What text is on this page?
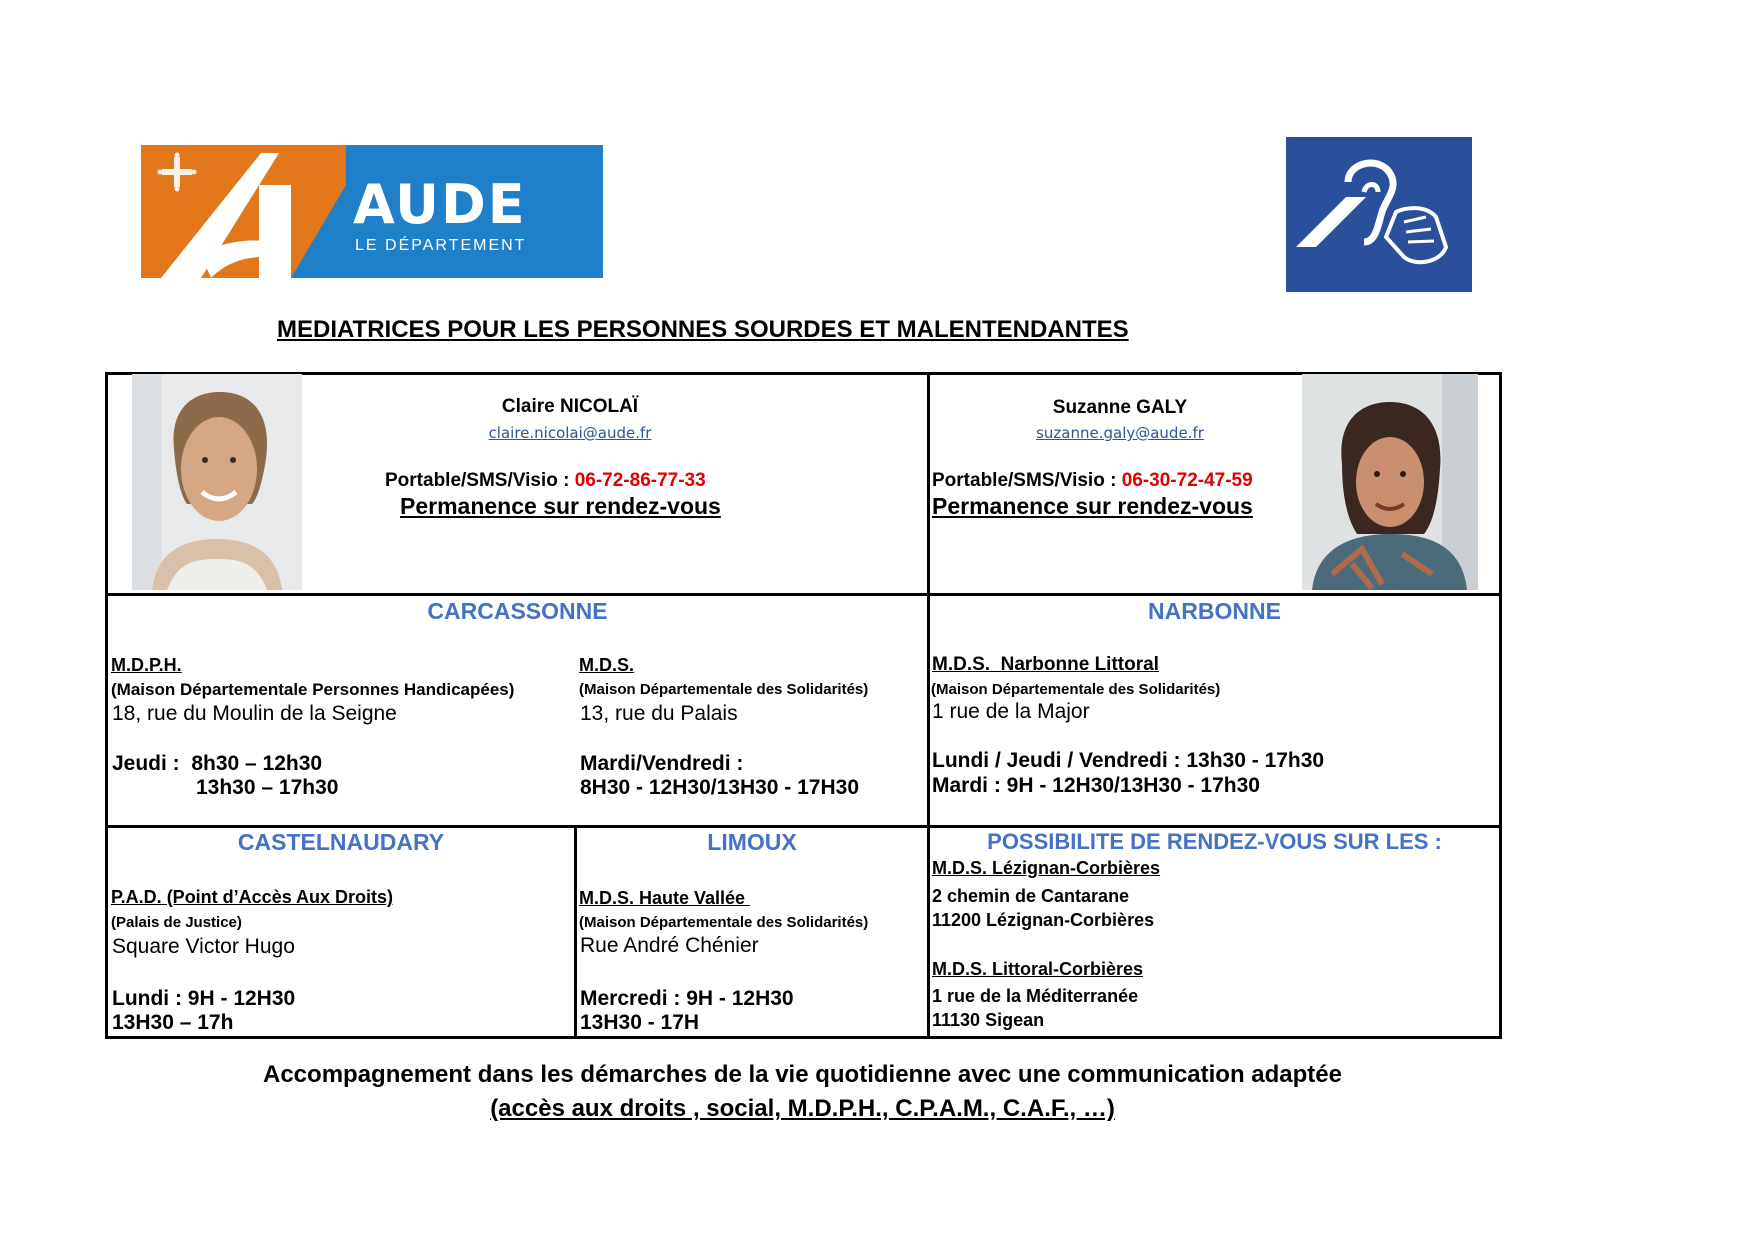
AUDE
LE DÉPARTEMENT
MEDIATRICES POUR LES PERSONNES SOURDES ET MALENTENDANTES
Claire NICOLAÏ
claire.nicolai@aude.fr
Portable/SMS/Visio : 06-72-86-77-33
Permanence sur rendez-vous
Suzanne GALY
suzanne.galy@aude.fr
Portable/SMS/Visio : 06-30-72-47-59
Permanence sur rendez-vous
CARCASSONNE
M.D.P.H.
(Maison Départementale Personnes Handicapées)
18, rue du Moulin de la Seigne
Jeudi :  8h30 – 12h30
13h30 – 17h30
M.D.S.
(Maison Départementale des Solidarités)
13, rue du Palais
Mardi/Vendredi :
8H30 - 12H30/13H30 - 17H30
NARBONNE
M.D.S.  Narbonne Littoral
(Maison Départementale des Solidarités)
1 rue de la Major
Lundi / Jeudi / Vendredi : 13h30 - 17h30
Mardi : 9H - 12H30/13H30 - 17h30
CASTELNAUDARY
P.A.D. (Point d’Accès Aux Droits)
(Palais de Justice)
Square Victor Hugo
Lundi : 9H - 12H30
13H30 – 17h
LIMOUX
M.D.S. Haute Vallée
(Maison Départementale des Solidarités)
Rue André Chénier
Mercredi : 9H - 12H30
13H30 - 17H
POSSIBILITE DE RENDEZ-VOUS SUR LES :
M.D.S. Lézignan-Corbières
2 chemin de Cantarane
11200 Lézignan-Corbières
M.D.S. Littoral-Corbières
1 rue de la Méditerranée
11130 Sigean
Accompagnement dans les démarches de la vie quotidienne avec une communication adaptée
(accès aux droits , social, M.D.P.H., C.P.A.M., C.A.F., …)
